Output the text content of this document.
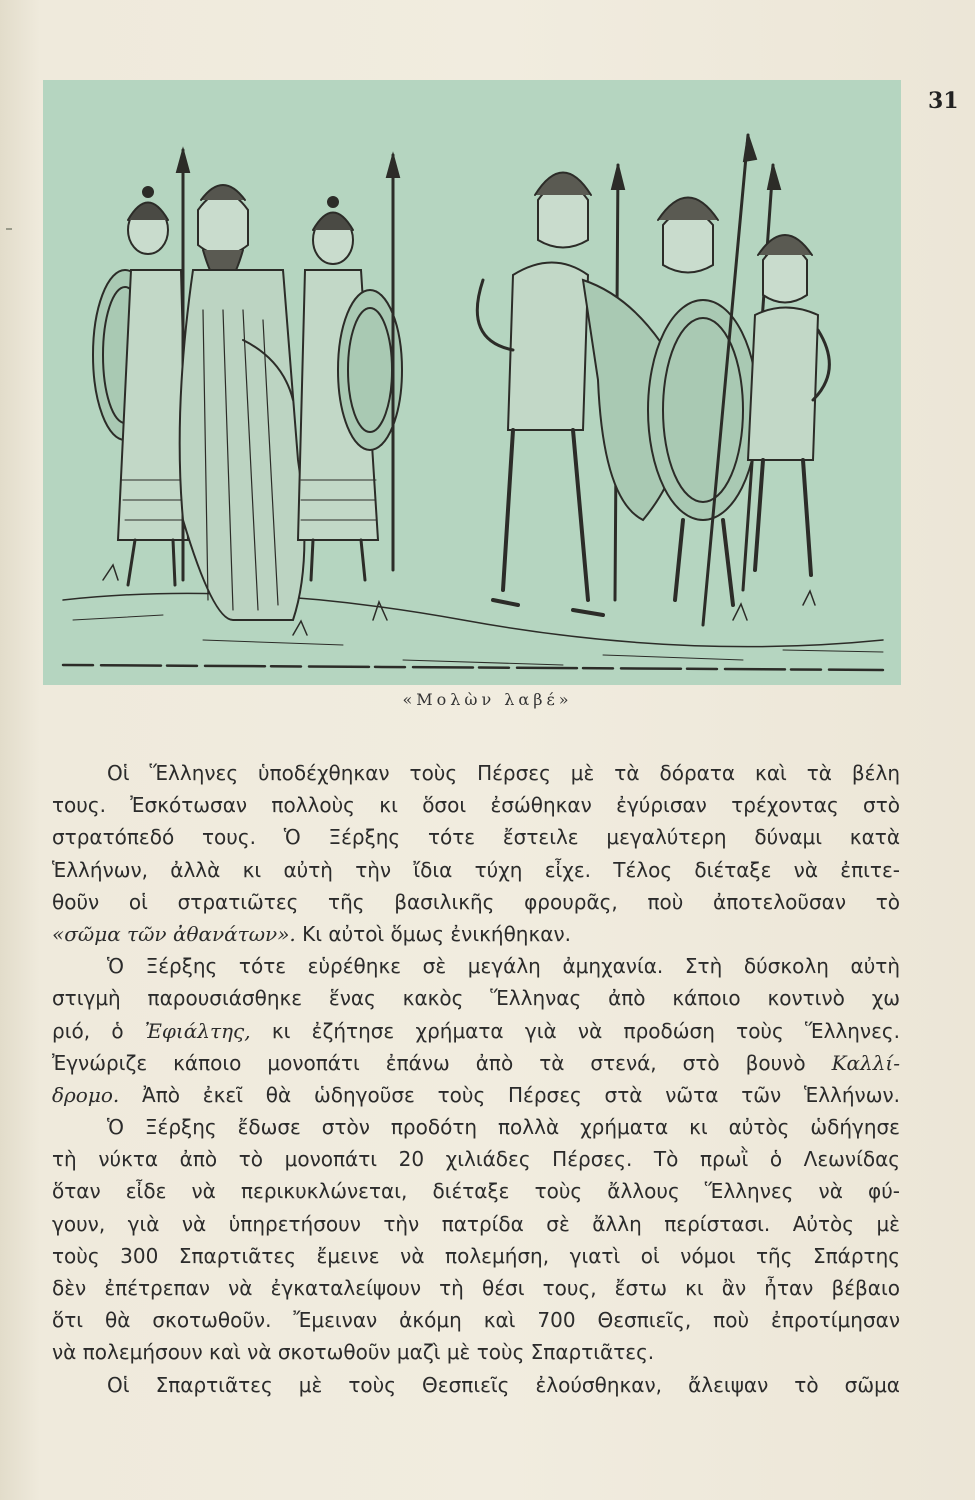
31
«Μολὼν λαβέ»
Οἱ Ἕλληνες ὑποδέχθηκαν τοὺς Πέρσες μὲ τὰ δόρατα καὶ τὰ βέλη
τους. Ἐσκότωσαν πολλοὺς κι ὅσοι ἐσώθηκαν ἐγύρισαν τρέχοντας στὸ
στρατόπεδό τους. Ὁ Ξέρξης τότε ἔστειλε μεγαλύτερη δύναμι κατὰ
Ἑλλήνων, ἀλλὰ κι αὐτὴ τὴν ἴδια τύχη εἶχε. Τέλος διέταξε νὰ ἐπιτε-
θοῦν οἱ στρατιῶτες τῆς βασιλικῆς φρουρᾶς, ποὺ ἀποτελοῦσαν τὸ
«σῶμα τῶν ἀθανάτων». Κι αὐτοὶ ὅμως ἐνικήθηκαν.
Ὁ Ξέρξης τότε εὑρέθηκε σὲ μεγάλη ἀμηχανία. Στὴ δύσκολη αὐτὴ
στιγμὴ παρουσιάσθηκε ἕνας κακὸς Ἕλληνας ἀπὸ κάποιο κοντινὸ χω
ριό, ὁ Ἐφιάλτης, κι ἐζήτησε χρήματα γιὰ νὰ προδώση τοὺς Ἕλληνες.
Ἐγνώριζε κάποιο μονοπάτι ἐπάνω ἀπὸ τὰ στενά, στὸ βουνὸ Καλλί-
δρομο. Ἀπὸ ἐκεῖ θὰ ὡδηγοῦσε τοὺς Πέρσες στὰ νῶτα τῶν Ἑλλήνων.
Ὁ Ξέρξης ἔδωσε στὸν προδότη πολλὰ χρήματα κι αὐτὸς ὡδήγησε
τὴ νύκτα ἀπὸ τὸ μονοπάτι 20 χιλιάδες Πέρσες. Τὸ πρωῒ ὁ Λεωνίδας
ὅταν εἶδε νὰ περικυκλώνεται, διέταξε τοὺς ἄλλους Ἕλληνες νὰ φύ-
γουν, γιὰ νὰ ὑπηρετήσουν τὴν πατρίδα σὲ ἄλλη περίστασι. Αὐτὸς μὲ
τοὺς 300 Σπαρτιᾶτες ἔμεινε νὰ πολεμήση, γιατὶ οἱ νόμοι τῆς Σπάρτης
δὲν ἐπέτρεπαν νὰ ἐγκαταλείψουν τὴ θέσι τους, ἔστω κι ἂν ἦταν βέβαιο
ὅτι θὰ σκοτωθοῦν. Ἔμειναν ἀκόμη καὶ 700 Θεσπιεῖς, ποὺ ἐπροτίμησαν
νὰ πολεμήσουν καὶ νὰ σκοτωθοῦν μαζὶ μὲ τοὺς Σπαρτιᾶτες.
Οἱ Σπαρτιᾶτες μὲ τοὺς Θεσπιεῖς ἐλούσθηκαν, ἄλειψαν τὸ σῶμα
